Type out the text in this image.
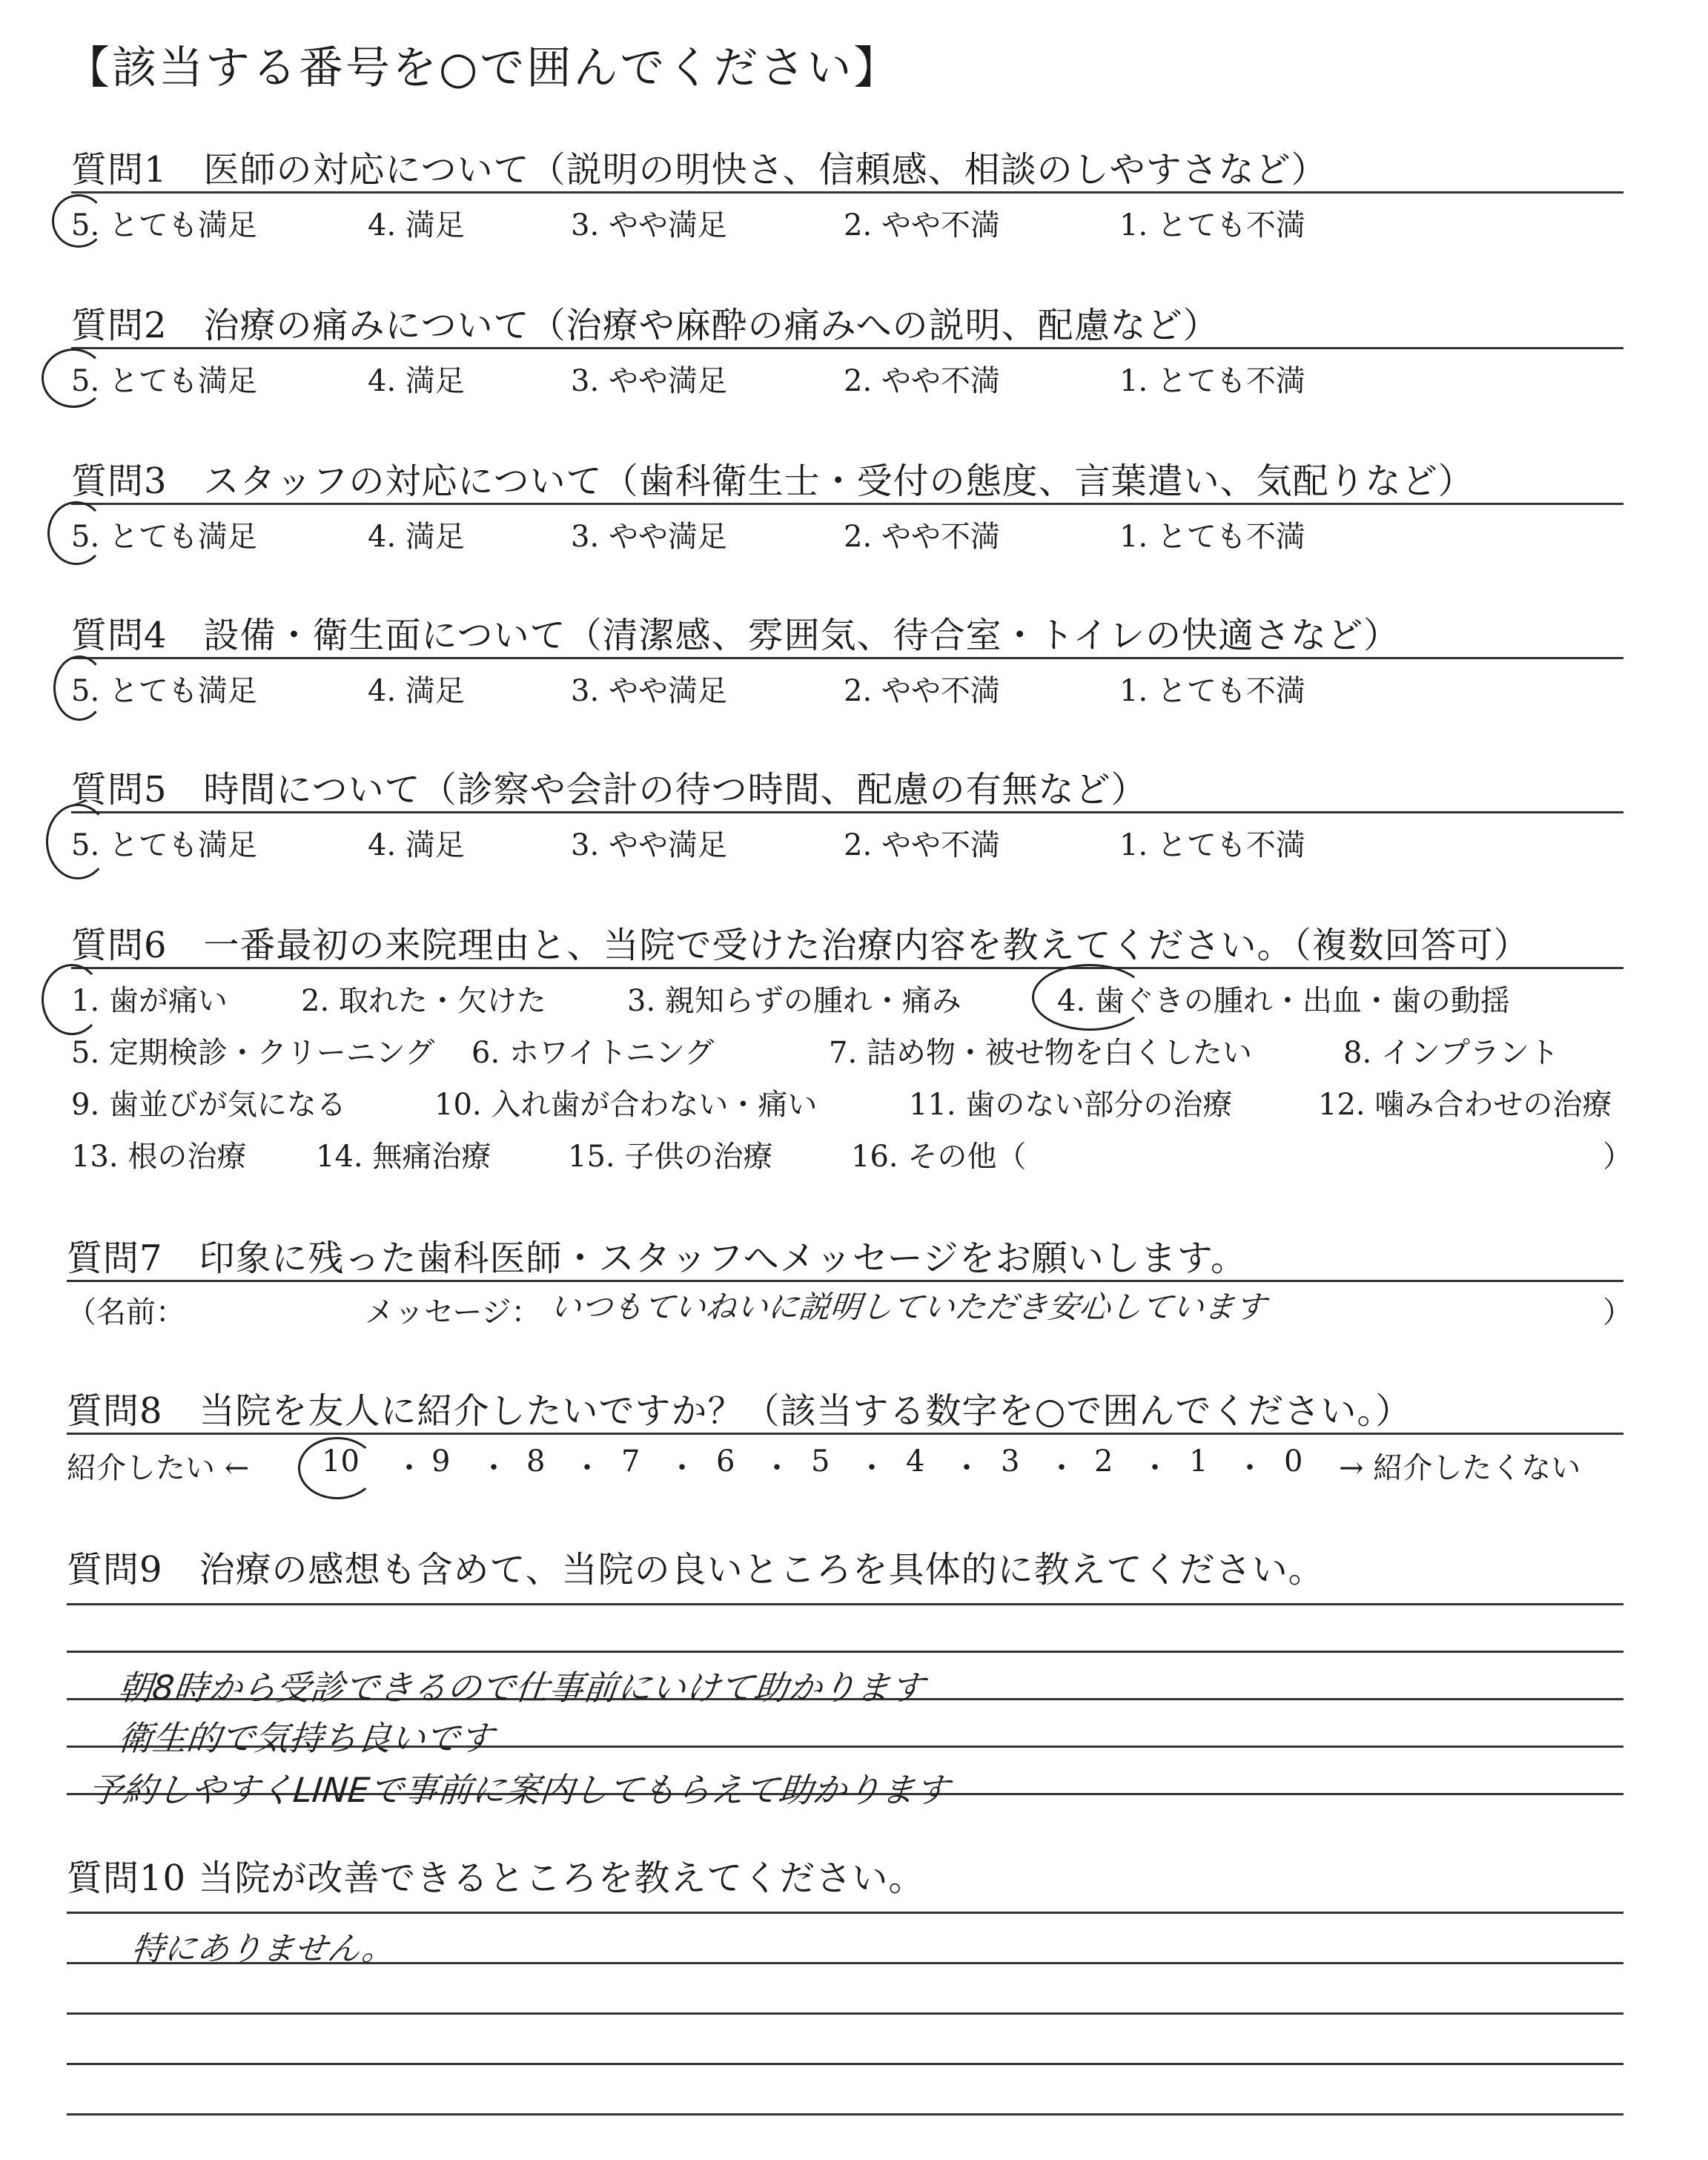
【該当する番号を○で囲んでください】
質問1　医師の対応について（説明の明快さ、信頼感、相談のしやすさなど）
5. とても満足	4. 満足	3. やや満足	2. やや不満	1. とても不満
質問2　治療の痛みについて（治療や麻酔の痛みへの説明、配慮など）
5. とても満足	4. 満足	3. やや満足	2. やや不満	1. とても不満
質問3　スタッフの対応について（歯科衛生士・受付の態度、言葉遣い、気配りなど）
5. とても満足	4. 満足	3. やや満足	2. やや不満	1. とても不満
質問4　設備・衛生面について（清潔感、雰囲気、待合室・トイレの快適さなど）
5. とても満足	4. 満足	3. やや満足	2. やや不満	1. とても不満
質問5　時間について（診察や会計の待つ時間、配慮の有無など）
5. とても満足	4. 満足	3. やや満足	2. やや不満	1. とても不満
質問6　一番最初の来院理由と、当院で受けた治療内容を教えてください。（複数回答可）
1. 歯が痛い 2. 取れた・欠けた	3. 親知らずの腫れ・痛み	4. 歯ぐきの腫れ・出血・歯の動揺
5. 定期検診・クリーニング 6. ホワイトニング	7. 詰め物・被せ物を白くしたい	8. インプラント
9. 歯並びが気になる	10. 入れ歯が合わない・痛い	11. 歯のない部分の治療	12. 噛み合わせの治療
13. 根の治療 14. 無痛治療	15. 子供の治療	16. その他（	）
質問7　印象に残った歯科医師・スタッフへメッセージをお願いします。
（名前：	メッセージ： いつもていねいに説明していただき安心しています	）
質問8　当院を友人に紹介したいですか？（該当する数字を○で囲んでください。）
紹介したい ← 10 ・ 9 ・ 8 ・ 7 ・ 6 ・ 5 ・ 4 ・ 3 ・ 2 ・ 1 ・ 0 → 紹介したくない
質問9　治療の感想も含めて、当院の良いところを具体的に教えてください。
朝8時から受診できるので仕事前にいけて助かります
衛生的で気持ち良いです
予約しやすくLINEで事前に案内してもらえて助かります
質問10 当院が改善できるところを教えてください。
特にありません。
